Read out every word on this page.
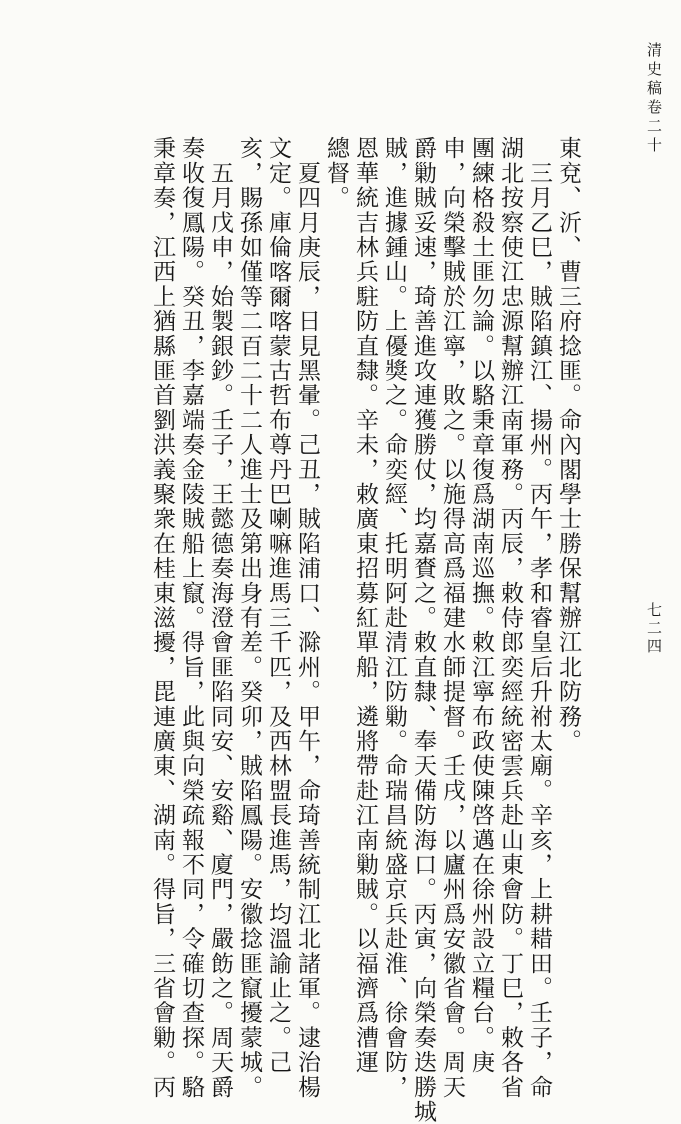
清史稿卷二十
七二四
東兗、沂、曹三府捻匪。命內閣學士勝保幫辦江北防務。
　三月乙巳，賊陷鎮江、揚州。丙午，孝和睿皇后升祔太廟。辛亥，上耕耤田。壬子，命
湖北按察使江忠源幫辦江南軍務。丙辰，敕侍郎奕經統密雲兵赴山東會防。丁巳，敕各省
團練格殺土匪勿論。以駱秉章復爲湖南巡撫。敕江寧布政使陳啓邁在徐州設立糧台。庚
申，向榮擊賊於江寧，敗之。以施得高爲福建水師提督。壬戌，以廬州爲安徽省會。周天
爵勦賊妥速，琦善進攻連獲勝仗，均嘉賚之。敕直隸、奉天備防海口。丙寅，向榮奏迭勝城
賊，進據鍾山。上優獎之。命奕經、托明阿赴清江防勦。命瑞昌統盛京兵赴淮、徐會防，
恩華統吉林兵駐防直隸。辛未，敕廣東招募紅單船，遴將帶赴江南勦賊。以福濟爲漕運
總督。
　夏四月庚辰，日見黑暈。己丑，賊陷浦口、滁州。甲午，命琦善統制江北諸軍。逮治楊
文定。庫倫喀爾喀蒙古哲布尊丹巴喇嘛進馬三千匹，及西林盟長進馬，均溫諭止之。己
亥，賜孫如僅等二百二十二人進士及第出身有差。癸卯，賊陷鳳陽。安徽捻匪竄擾蒙城。
　五月戊申，始製銀鈔。壬子，王懿德奏海澄會匪陷同安、安谿、廈門，嚴飭之。周天爵
奏收復鳳陽。癸丑，李嘉端奏金陵賊船上竄。得旨，此與向榮疏報不同，令確切查探。駱
秉章奏，江西上猶縣匪首劉洪義聚衆在桂東滋擾，毘連廣東、湖南。得旨，三省會勦。丙
